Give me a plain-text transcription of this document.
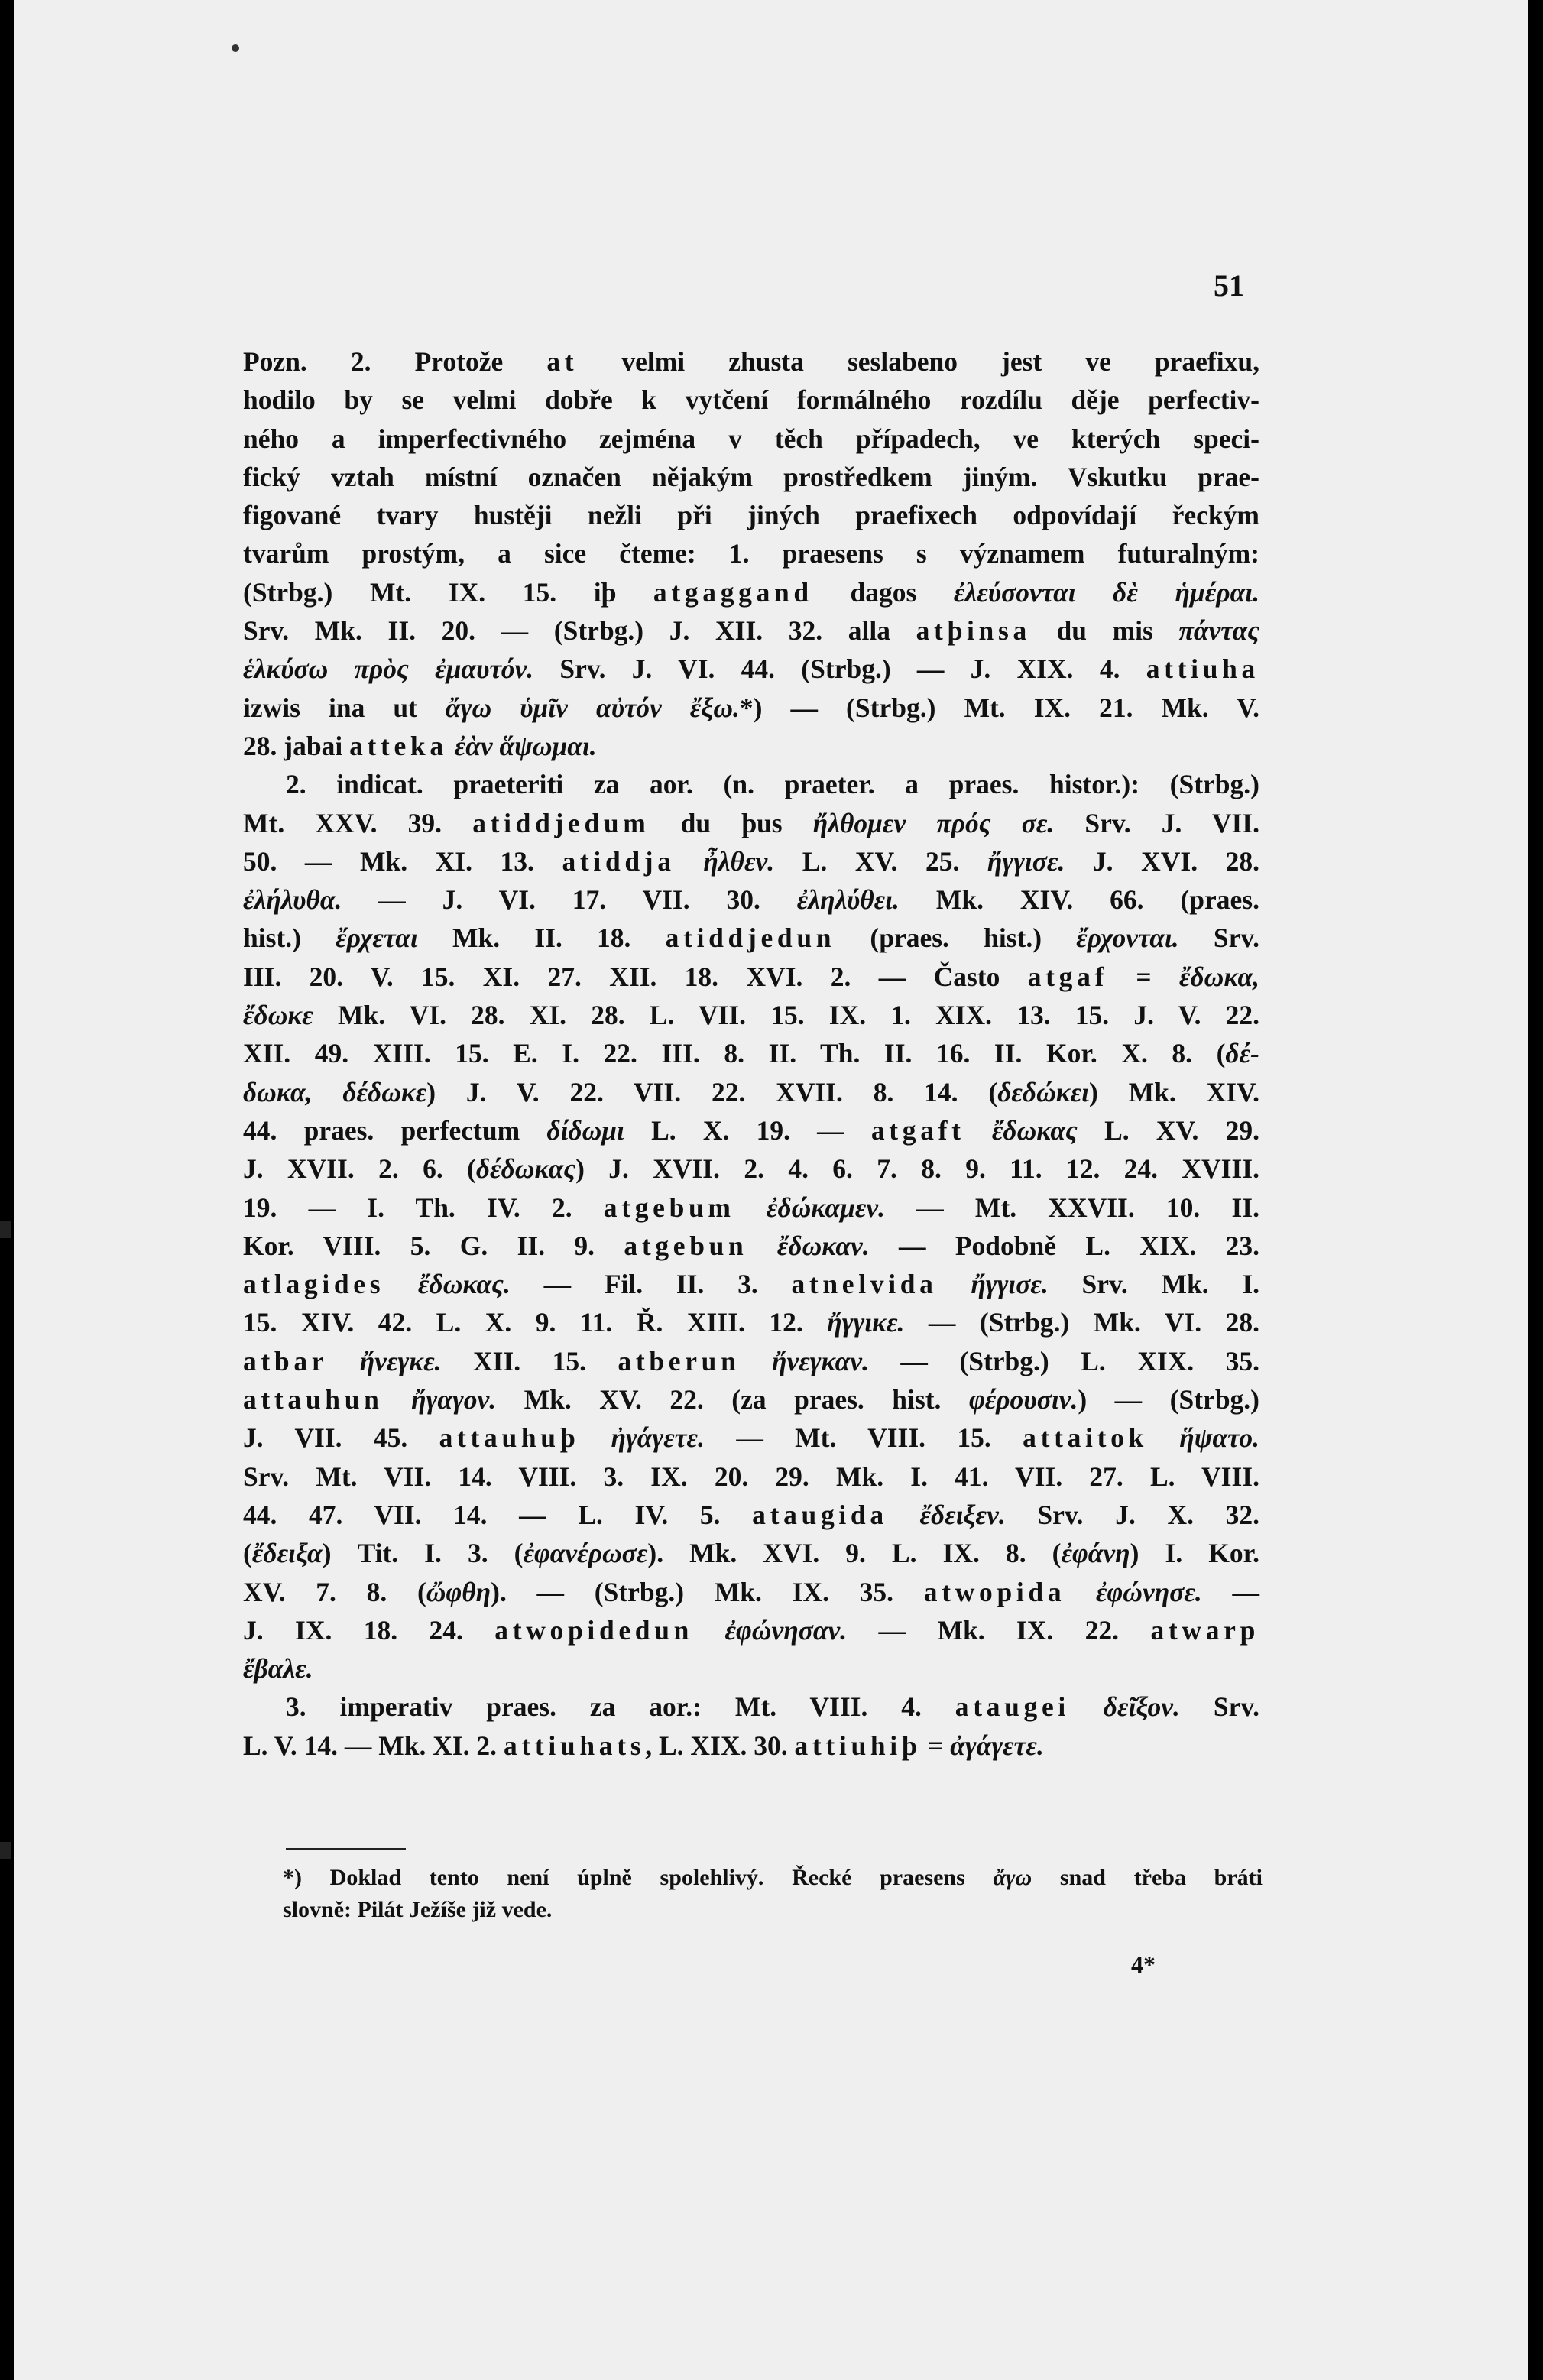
51
Pozn. 2. Protože at velmi zhusta seslabeno jest ve praefixu,
hodilo by se velmi dobře k vytčení formálného rozdílu děje perfectiv-
ného a imperfectivného zejména v těch případech, ve kterých speci-
fický vztah místní označen nějakým prostředkem jiným. Vskutku prae-
figované tvary hustěji nežli při jiných praefixech odpovídají řeckým
tvarům prostým, a sice čteme: 1. praesens s významem futuralným:
(Strbg.) Mt. IX. 15. iþ atgaggand dagos ἐλεύσονται δὲ ἡμέραι.
Srv. Mk. II. 20. — (Strbg.) J. XII. 32. alla atþinsa du mis πάντας
ἑλκύσω πρὸς ἐμαυτόν. Srv. J. VI. 44. (Strbg.) — J. XIX. 4. attiuha
izwis ina ut ἄγω ὑμῖν αὐτόν ἔξω.*) — (Strbg.) Mt. IX. 21. Mk. V.
28. jabai atteka ἐὰν ἅψωμαι.
2. indicat. praeteriti za aor. (n. praeter. a praes. histor.): (Strbg.)
Mt. XXV. 39. atiddjedum du þus ἤλθομεν πρός σε. Srv. J. VII.
50. — Mk. XI. 13. atiddja ἦλθεν. L. XV. 25. ἤγγισε. J. XVI. 28.
ἐλήλυθα. — J. VI. 17. VII. 30. ἐληλύθει. Mk. XIV. 66. (praes.
hist.) ἔρχεται Mk. II. 18. atiddjedun (praes. hist.) ἔρχονται. Srv.
III. 20. V. 15. XI. 27. XII. 18. XVI. 2. — Často atgaf = ἔδωκα,
ἔδωκε Mk. VI. 28. XI. 28. L. VII. 15. IX. 1. XIX. 13. 15. J. V. 22.
XII. 49. XIII. 15. E. I. 22. III. 8. II. Th. II. 16. II. Kor. X. 8. (δέ-
δωκα, δέδωκε) J. V. 22. VII. 22. XVII. 8. 14. (δεδώκει) Mk. XIV.
44. praes. perfectum δίδωμι L. X. 19. — atgaft ἔδωκας L. XV. 29.
J. XVII. 2. 6. (δέδωκας) J. XVII. 2. 4. 6. 7. 8. 9. 11. 12. 24. XVIII.
19. — I. Th. IV. 2. atgebum ἐδώκαμεν. — Mt. XXVII. 10. II.
Kor. VIII. 5. G. II. 9. atgebun ἔδωκαν. — Podobně L. XIX. 23.
atlagides ἔδωκας. — Fil. II. 3. atnelvida ἤγγισε. Srv. Mk. I.
15. XIV. 42. L. X. 9. 11. Ř. XIII. 12. ἤγγικε. — (Strbg.) Mk. VI. 28.
atbar ἤνεγκε. XII. 15. atberun ἤνεγκαν. — (Strbg.) L. XIX. 35.
attauhun ἤγαγον. Mk. XV. 22. (za praes. hist. φέρουσιν.) — (Strbg.)
J. VII. 45. attauhuþ ἠγάγετε. — Mt. VIII. 15. attaitok ἥψατο.
Srv. Mt. VII. 14. VIII. 3. IX. 20. 29. Mk. I. 41. VII. 27. L. VIII.
44. 47. VII. 14. — L. IV. 5. ataugida ἔδειξεν. Srv. J. X. 32.
(ἔδειξα) Tit. I. 3. (ἐφανέρωσε). Mk. XVI. 9. L. IX. 8. (ἐφάνη) I. Kor.
XV. 7. 8. (ὤφθη). — (Strbg.) Mk. IX. 35. atwopida ἐφώνησε. —
J. IX. 18. 24. atwopidedun ἐφώνησαν. — Mk. IX. 22. atwarp
ἔβαλε.
3. imperativ praes. za aor.: Mt. VIII. 4. ataugei δεῖξον. Srv.
L. V. 14. — Mk. XI. 2. attiuhats, L. XIX. 30. attiuhiþ = ἀγάγετε.
*) Doklad tento není úplně spolehlivý. Řecké praesens ἄγω snad třeba bráti
slovně: Pilát Ježíše již vede.
4*
